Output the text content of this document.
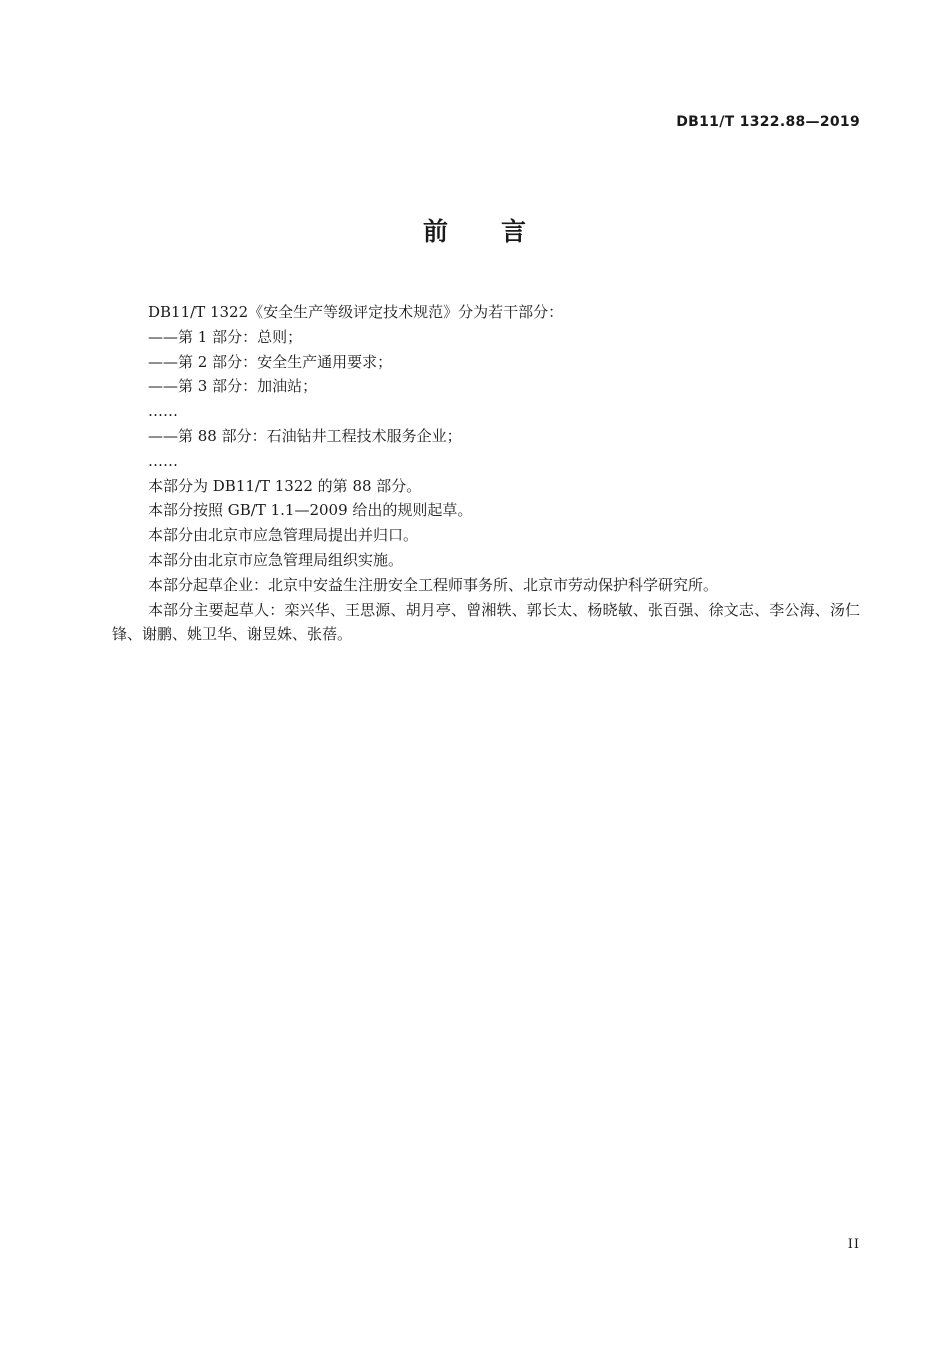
DB11/T 1322.88—2019
前 言

DB11/T 1322《安全生产等级评定技术规范》分为若干部分：

——第 1 部分：总则；

——第 2 部分：安全生产通用要求；

——第 3 部分：加油站；

……

——第 88 部分：石油钻井工程技术服务企业；

……

本部分为 DB11/T 1322 的第 88 部分。

本部分按照 GB/T 1.1—2009 给出的规则起草。

本部分由北京市应急管理局提出并归口。

本部分由北京市应急管理局组织实施。

本部分起草企业：北京中安益生注册安全工程师事务所、北京市劳动保护科学研究所。

本部分主要起草人：栾兴华、王思源、胡月亭、曾湘轶、郭长太、杨晓敏、张百强、徐文志、李公海、汤仁锋、谢鹏、姚卫华、谢昱姝、张蓓。

II
